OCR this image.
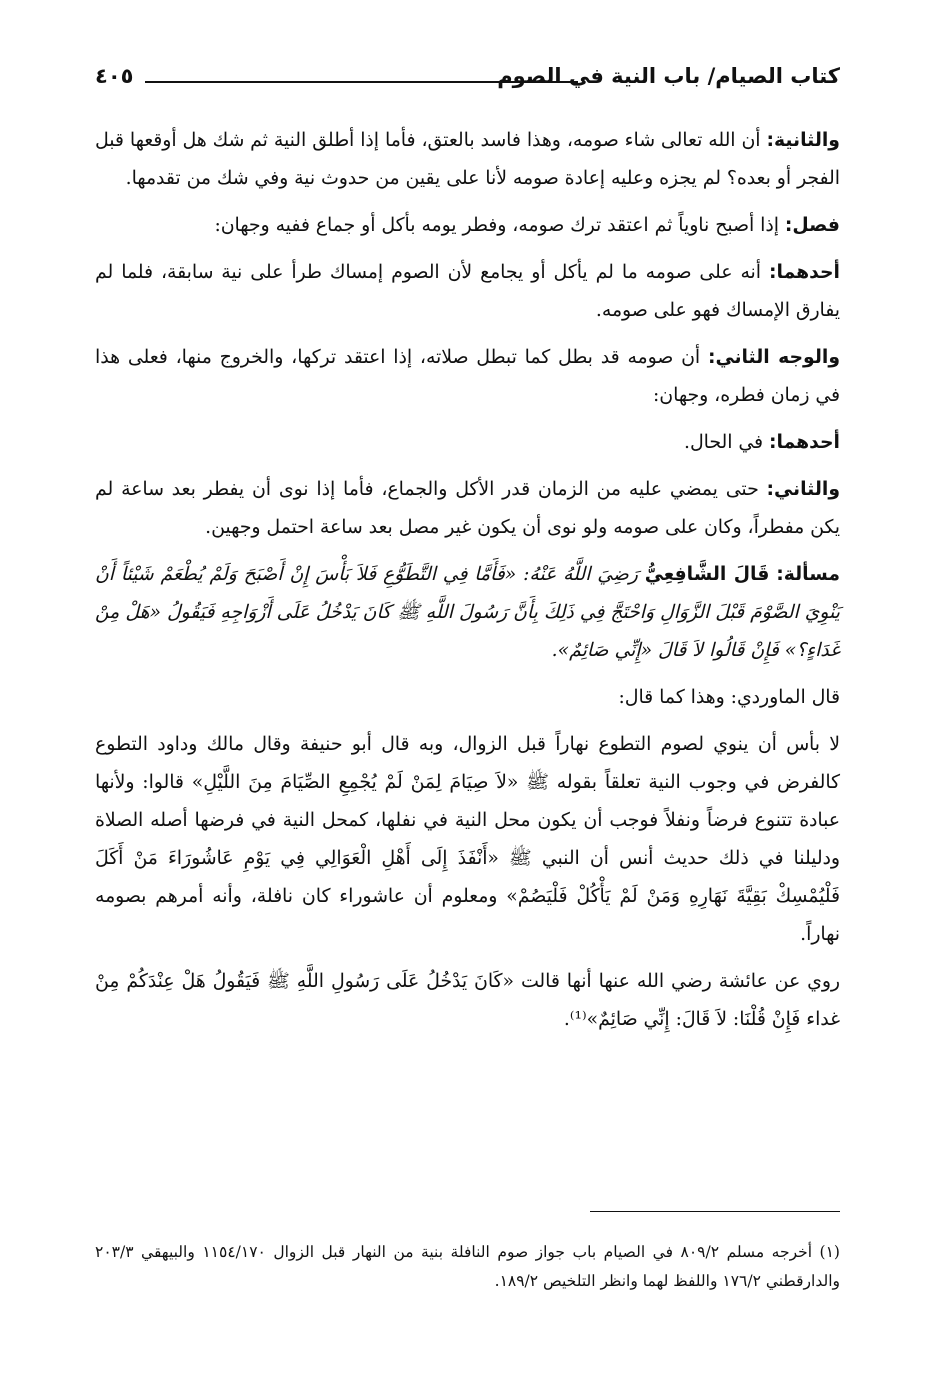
كتاب الصيام/ باب النية في الصوم
٤٠٥

والثانية: أن الله تعالى شاء صومه، وهذا فاسد بالعتق، فأما إذا أطلق النية ثم شك هل أوقعها قبل الفجر أو بعده؟ لم يجزه وعليه إعادة صومه لأنا على يقين من حدوث نية وفي شك من تقدمها.

فصل: إذا أصبح ناوياً ثم اعتقد ترك صومه، وفطر يومه بأكل أو جماع ففيه وجهان:

أحدهما: أنه على صومه ما لم يأكل أو يجامع لأن الصوم إمساك طرأ على نية سابقة، فلما لم يفارق الإمساك فهو على صومه.

والوجه الثاني: أن صومه قد بطل كما تبطل صلاته، إذا اعتقد تركها، والخروج منها، فعلى هذا في زمان فطره، وجهان:

أحدهما: في الحال.

والثاني: حتى يمضي عليه من الزمان قدر الأكل والجماع، فأما إذا نوى أن يفطر بعد ساعة لم يكن مفطراً، وكان على صومه ولو نوى أن يكون غير مصل بعد ساعة احتمل وجهين.

مسألة: قَالَ الشَّافِعِيُّ رَضِيَ اللَّهُ عَنْهُ: «فَأَمَّا فِي التَّطَوُّعِ فَلاَ بَأْسَ إِنْ أَصْبَحَ وَلَمْ يُطْعَمْ شَيْئاً أَنْ يَنْوِيَ الصَّوْمَ قَبْلَ الزَّوَالِ وَاحْتَجَّ فِي ذَلِكَ بِأَنَّ رَسُولَ اللَّهِ ﷺ كَانَ يَدْخُلُ عَلَى أَزْوَاجِهِ فَيَقُولُ «هَلْ مِنْ غَدَاءٍ؟» فَإِنْ قَالُوا لاَ قَالَ «إِنِّي صَائِمٌ».

قال الماوردي: وهذا كما قال:

لا بأس أن ينوي لصوم التطوع نهاراً قبل الزوال، وبه قال أبو حنيفة وقال مالك وداود التطوع كالفرض في وجوب النية تعلقاً بقوله ﷺ «لاَ صِيَامَ لِمَنْ لَمْ يُجْمِعِ الصِّيَامَ مِنَ اللَّيْلِ» قالوا: ولأنها عبادة تتنوع فرضاً ونفلاً فوجب أن يكون محل النية في نفلها، كمحل النية في فرضها أصله الصلاة ودليلنا في ذلك حديث أنس أن النبي ﷺ «أَنْفَذَ إِلَى أَهْلِ الْعَوَالِي فِي يَوْمِ عَاشُورَاءَ مَنْ أَكَلَ فَلْيُمْسِكْ بَقِيَّةَ نَهَارِهِ وَمَنْ لَمْ يَأْكُلْ فَلْيَصُمْ» ومعلوم أن عاشوراء كان نافلة، وأنه أمرهم بصومه نهاراً.

روي عن عائشة رضي الله عنها أنها قالت «كَانَ يَدْخُلُ عَلَى رَسُولِ اللَّهِ ﷺ فَيَقُولُ هَلْ عِنْدَكُمْ مِنْ غداء فَإِنْ قُلْنَا: لاَ قَالَ: إِنِّي صَائِمٌ»⁽¹⁾.

(١) أخرجه مسلم ٨٠٩/٢ في الصيام باب جواز صوم النافلة بنية من النهار قبل الزوال ١١٥٤/١٧٠ والبيهقي ٢٠٣/٣ والدارقطني ١٧٦/٢ واللفظ لهما وانظر التلخيص ١٨٩/٢.
